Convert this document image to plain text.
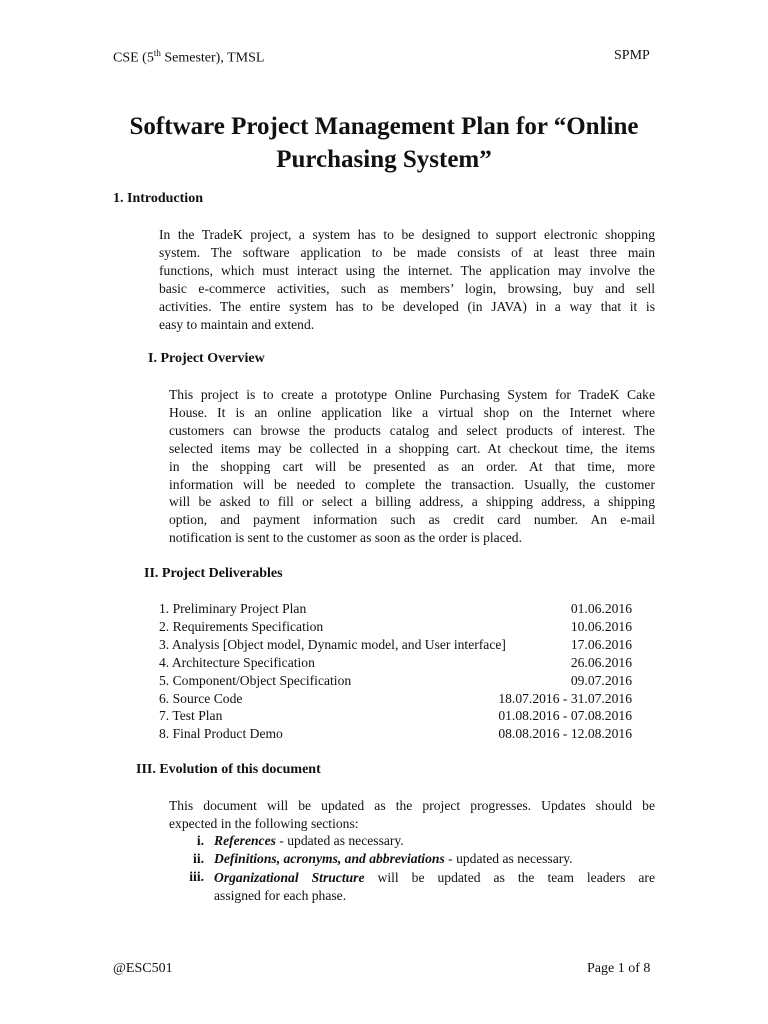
CSE (5th Semester), TMSL	SPMP
Software Project Management Plan for “Online
Purchasing System”
1. Introduction
In the TradeK project, a system has to be designed to support electronic shopping
system. The software application to be made consists of at least three main
functions, which must interact using the internet. The application may involve the
basic e-commerce activities, such as members’ login, browsing, buy and sell
activities. The entire system has to be developed (in JAVA) in a way that it is
easy to maintain and extend.
I. Project Overview
This project is to create a prototype Online Purchasing System for TradeK Cake
House. It is an online application like a virtual shop on the Internet where
customers can browse the products catalog and select products of interest. The
selected items may be collected in a shopping cart. At checkout time, the items
in the shopping cart will be presented as an order. At that time, more
information will be needed to complete the transaction. Usually, the customer
will be asked to fill or select a billing address, a shipping address, a shipping
option, and payment information such as credit card number. An e-mail
notification is sent to the customer as soon as the order is placed.
II. Project Deliverables
1. Preliminary Project Plan	01.06.2016
2. Requirements Specification	10.06.2016
3. Analysis [Object model, Dynamic model, and User interface]	17.06.2016
4. Architecture Specification	26.06.2016
5. Component/Object Specification	09.07.2016
6. Source Code	18.07.2016 - 31.07.2016
7. Test Plan	01.08.2016 - 07.08.2016
8. Final Product Demo	08.08.2016 - 12.08.2016
III. Evolution of this document
This document will be updated as the project progresses. Updates should be
expected in the following sections:
i. References - updated as necessary.
ii. Definitions, acronyms, and abbreviations - updated as necessary.
iii. Organizational Structure will be updated as the team leaders are
assigned for each phase.
@ESC501	Page 1 of 8
